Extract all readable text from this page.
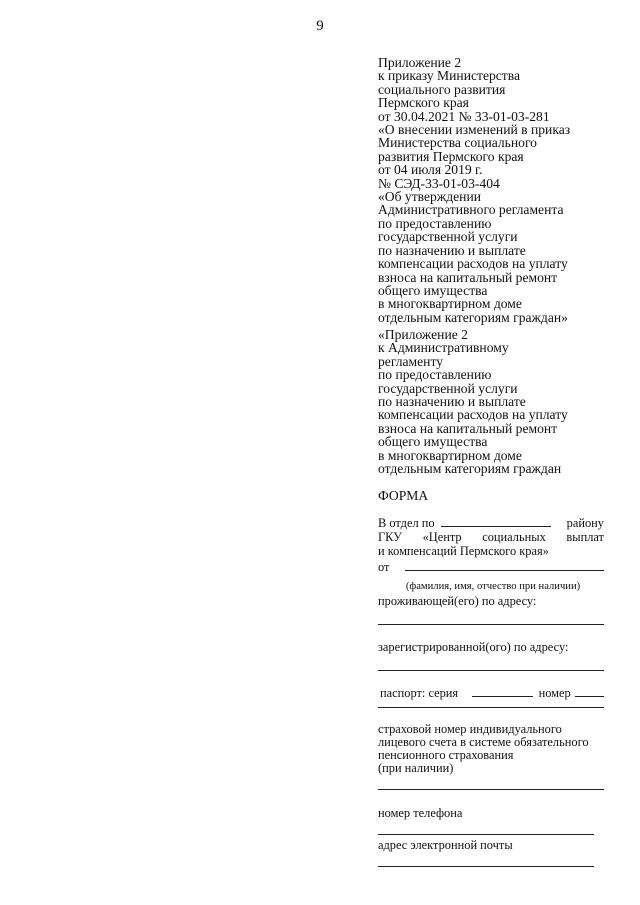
9
Приложение 2
к приказу Министерства
социального развития
Пермского края
от 30.04.2021 № 33-01-03-281
«О внесении изменений в приказ
Министерства социального
развития Пермского края
от 04 июля 2019 г.
№ СЭД-33-01-03-404
«Об утверждении
Административного регламента
по предоставлению
государственной услуги
по назначению и выплате
компенсации расходов на уплату
взноса на капитальный ремонт
общего имущества
в многоквартирном доме
отдельным категориям граждан»
«Приложение 2
к Административному
регламенту
по предоставлению
государственной услуги
по назначению и выплате
компенсации расходов на уплату
взноса на капитальный ремонт
общего имущества
в многоквартирном доме
отдельным категориям граждан
ФОРМА
В отдел по	району
ГКУ «Центр социальных выплат
и компенсаций Пермского края»
от
(фамилия, имя, отчество при наличии)
проживающей(его) по адресу:
зарегистрированной(ого) по адресу:
паспорт: серия	номер
страховой номер индивидуального
лицевого счета в системе обязательного
пенсионного страхования
(при наличии)
номер телефона
адрес электронной почты
